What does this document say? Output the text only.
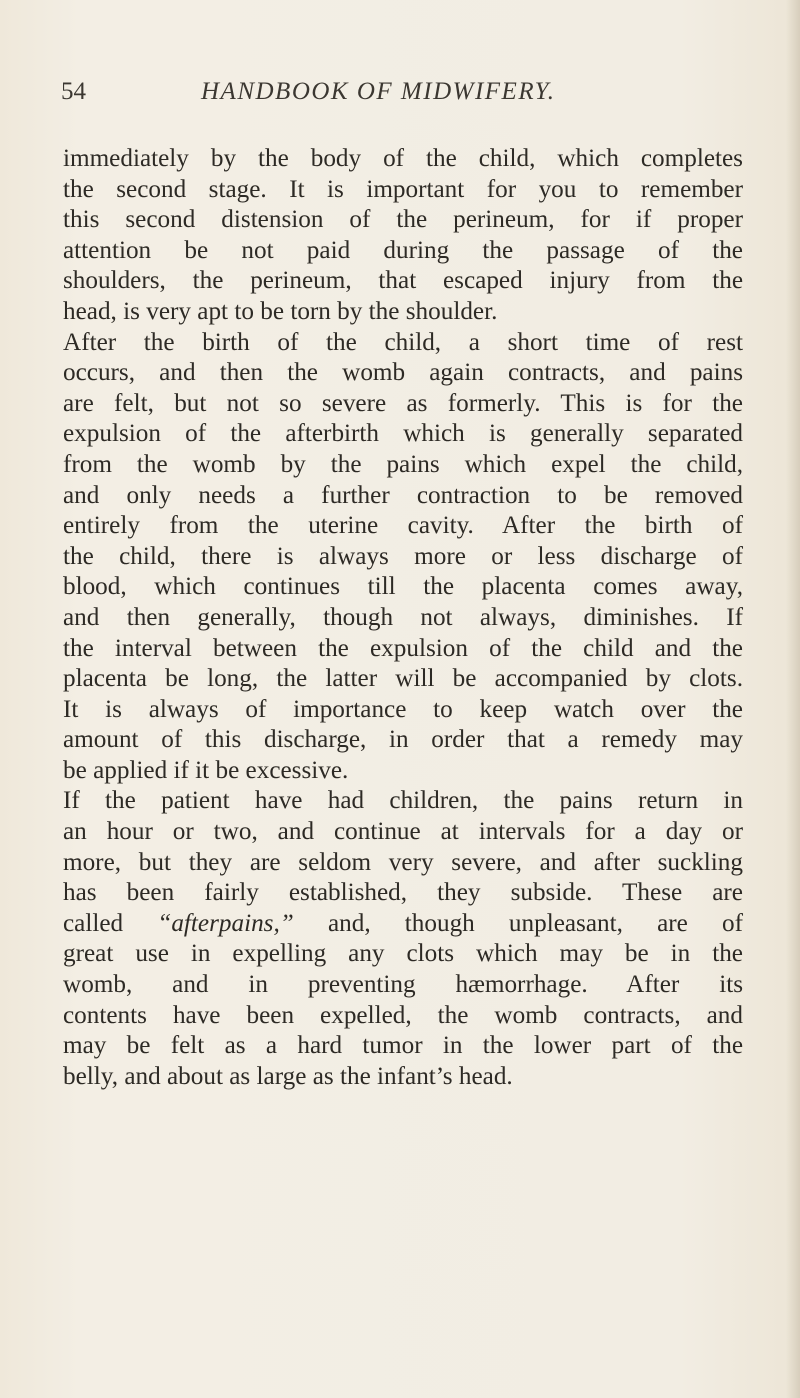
54	HANDBOOK OF MIDWIFERY.
immediately by the body of the child, which completes
the second stage. It is important for you to remember
this second distension of the perineum, for if proper
attention be not paid during the passage of the
shoulders, the perineum, that escaped injury from the
head, is very apt to be torn by the shoulder.
After the birth of the child, a short time of rest
occurs, and then the womb again contracts, and pains
are felt, but not so severe as formerly. This is for the
expulsion of the afterbirth which is generally separated
from the womb by the pains which expel the child,
and only needs a further contraction to be removed
entirely from the uterine cavity. After the birth of
the child, there is always more or less discharge of
blood, which continues till the placenta comes away,
and then generally, though not always, diminishes. If
the interval between the expulsion of the child and the
placenta be long, the latter will be accompanied by clots.
It is always of importance to keep watch over the
amount of this discharge, in order that a remedy may
be applied if it be excessive.
If the patient have had children, the pains return in
an hour or two, and continue at intervals for a day or
more, but they are seldom very severe, and after suckling
has been fairly established, they subside. These are
called “afterpains,” and, though unpleasant, are of
great use in expelling any clots which may be in the
womb, and in preventing hæmorrhage. After its
contents have been expelled, the womb contracts, and
may be felt as a hard tumor in the lower part of the
belly, and about as large as the infant’s head.
